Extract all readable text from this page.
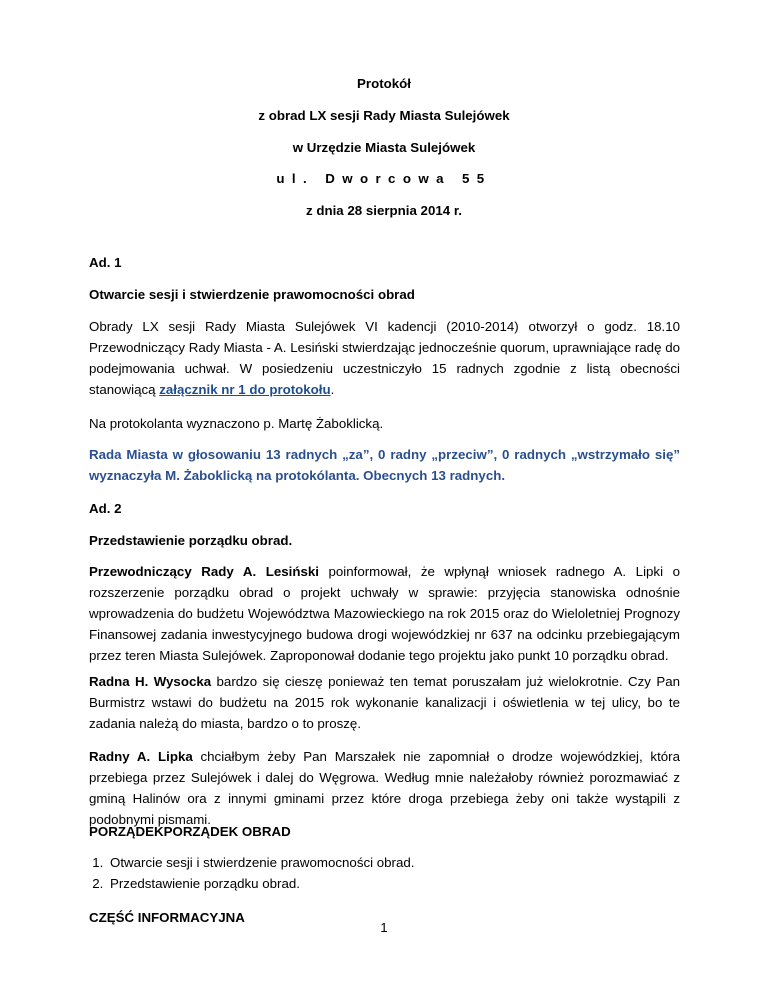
Protokół
z obrad LX sesji Rady Miasta Sulejówek
w Urzędzie Miasta Sulejówek
ul. Dworcowa 55
z dnia 28 sierpnia 2014 r.
Ad. 1
Otwarcie sesji i stwierdzenie prawomocności obrad
Obrady LX sesji Rady Miasta Sulejówek VI kadencji (2010-2014) otworzył o godz. 18.10 Przewodniczący Rady Miasta - A. Lesiński stwierdzając jednocześnie quorum, uprawniające radę do podejmowania uchwał. W posiedzeniu uczestniczyło 15 radnych zgodnie z listą obecności stanowiącą załącznik nr 1 do protokołu.
Na protokolanta wyznaczono p. Martę Żaboklicką.
Rada Miasta w głosowaniu 13 radnych „za”, 0 radny „przeciw”, 0 radnych „wstrzymało się” wyznaczyła M. Żaboklicką na protokólanta. Obecnych 13 radnych.
Ad. 2
Przedstawienie porządku obrad.
Przewodniczący Rady A. Lesiński poinformował, że wpłynął wniosek radnego A. Lipki o rozszerzenie porządku obrad o projekt uchwały w sprawie: przyjęcia stanowiska odnośnie wprowadzenia do budżetu Województwa Mazowieckiego na rok 2015 oraz do Wieloletniej Prognozy Finansowej zadania inwestycyjnego budowa drogi wojewódzkiej nr 637 na odcinku przebiegającym przez teren Miasta Sulejówek. Zaproponował dodanie tego projektu jako punkt 10 porządku obrad.
Radna H. Wysocka bardzo się cieszę ponieważ ten temat poruszałam już wielokrotnie. Czy Pan Burmistrz wstawi do budżetu na 2015 rok wykonanie kanalizacji i oświetlenia w tej ulicy, bo te zadania należą do miasta, bardzo o to proszę.
Radny A. Lipka chciałbym żeby Pan Marszałek nie zapomniał o drodze wojewódzkiej, która przebiega przez Sulejówek i dalej do Węgrowa. Według mnie należałoby również porozmawiać z gminą Halinów ora z innymi gminami przez które droga przebiega żeby oni także wystąpili z podobnymi pismami.
PORZĄDEKPORZĄDEK OBRAD
1. Otwarcie sesji i stwierdzenie prawomocności obrad.
2. Przedstawienie porządku obrad.
CZĘŚĆ INFORMACYJNA
1
